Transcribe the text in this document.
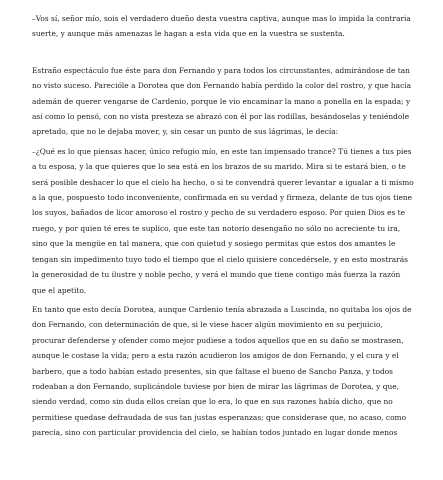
–Vos sí, señor mío, sois el verdadero dueño desta vuestra captiva, aunque mas lo impida la contraria
suerte, y aunque más amenazas le hagan a esta vida que en la vuestra se sustenta.

Estraño espectáculo fue éste para don Fernando y para todos los circunstantes, admirándose de tan
no visto suceso. Parecióle a Dorotea que don Fernando había perdido la color del rostro, y que hacía
ademán de querer vengarse de Cardenio, porque le vio encaminar la mano a ponella en la espada; y
así como lo pensó, con no vista presteza se abrazó con él por las rodillas, besándoselas y teniéndole
apretado, que no le dejaba mover, y, sin cesar un punto de sus lágrimas, le decía:

–¿Qué es lo que piensas hacer, único refugio mío, en este tan impensado trance? Tú tienes a tus pies
a tu esposa, y la que quieres que lo sea está en los brazos de su marido. Mira si te estará bien, o te
será posible deshacer lo que el cielo ha hecho, o si te convendrá querer levantar a igualar a ti mismo
a la que, pospuesto todo inconveniente, confirmada en su verdad y firmeza, delante de tus ojos tiene
los suyos, bañados de licor amoroso el rostro y pecho de su verdadero esposo. Por quien Dios es te
ruego, y por quien té eres te suplico, que este tan notorio desengaño no sólo no acreciente tu ira,
sino que la mengüe en tal manera, que con quietud y sosiego permitas que estos dos amantes le
tengan sin impedimento tuyo todo el tiempo que el cielo quisiere concedérsele, y en esto mostrarás
la generosidad de tu ilustre y noble pecho, y verá el mundo que tiene contigo más fuerza la razón
que el apetito.

En tanto que esto decía Dorotea, aunque Cardenio tenía abrazada a Luscinda, no quitaba los ojos de
don Fernando, con determinación de que, si le viese hacer algún movimiento en su perjuicio,
procurar defenderse y ofender como mejor pudiese a todos aquellos que en su daño se mostrasen,
aunque le costase la vida; pero a esta razón acudieron los amigos de don Fernando, y el cura y el
barbero, que a todo habían estado presentes, sin que faltase el bueno de Sancho Panza, y todos
rodeaban a don Fernando, suplicándole tuviese por bien de mirar las lágrimas de Dorotea, y que,
siendo verdad, como sin duda ellos creían que lo era, lo que en sus razones había dicho, que no
permitiese quedase defraudada de sus tan justas esperanzas; que considerase que, no acaso, como
parecía, sino con particular providencia del cielo, se habían todos juntado en lugar donde menos
